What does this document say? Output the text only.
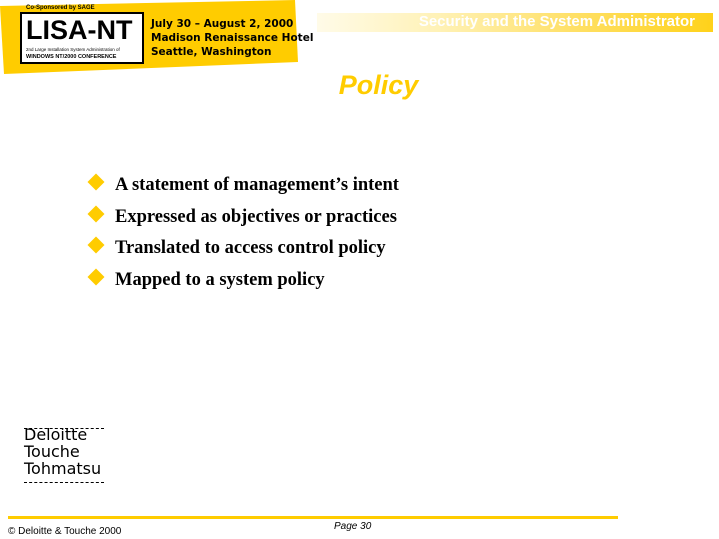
Co-Sponsored by SAGE
LISA-NT
2nd Large Installation System Administration of
WINDOWS NT/2000 CONFERENCE
July 30 – August 2, 2000
Madison Renaissance Hotel
Seattle, Washington
Security and the System Administrator
Policy
A statement of management’s intent
Expressed as objectives or practices
Translated to access control policy
Mapped to a system policy
Deloitte
Touche
Tohmatsu
Page 30
© Deloitte & Touche 2000
